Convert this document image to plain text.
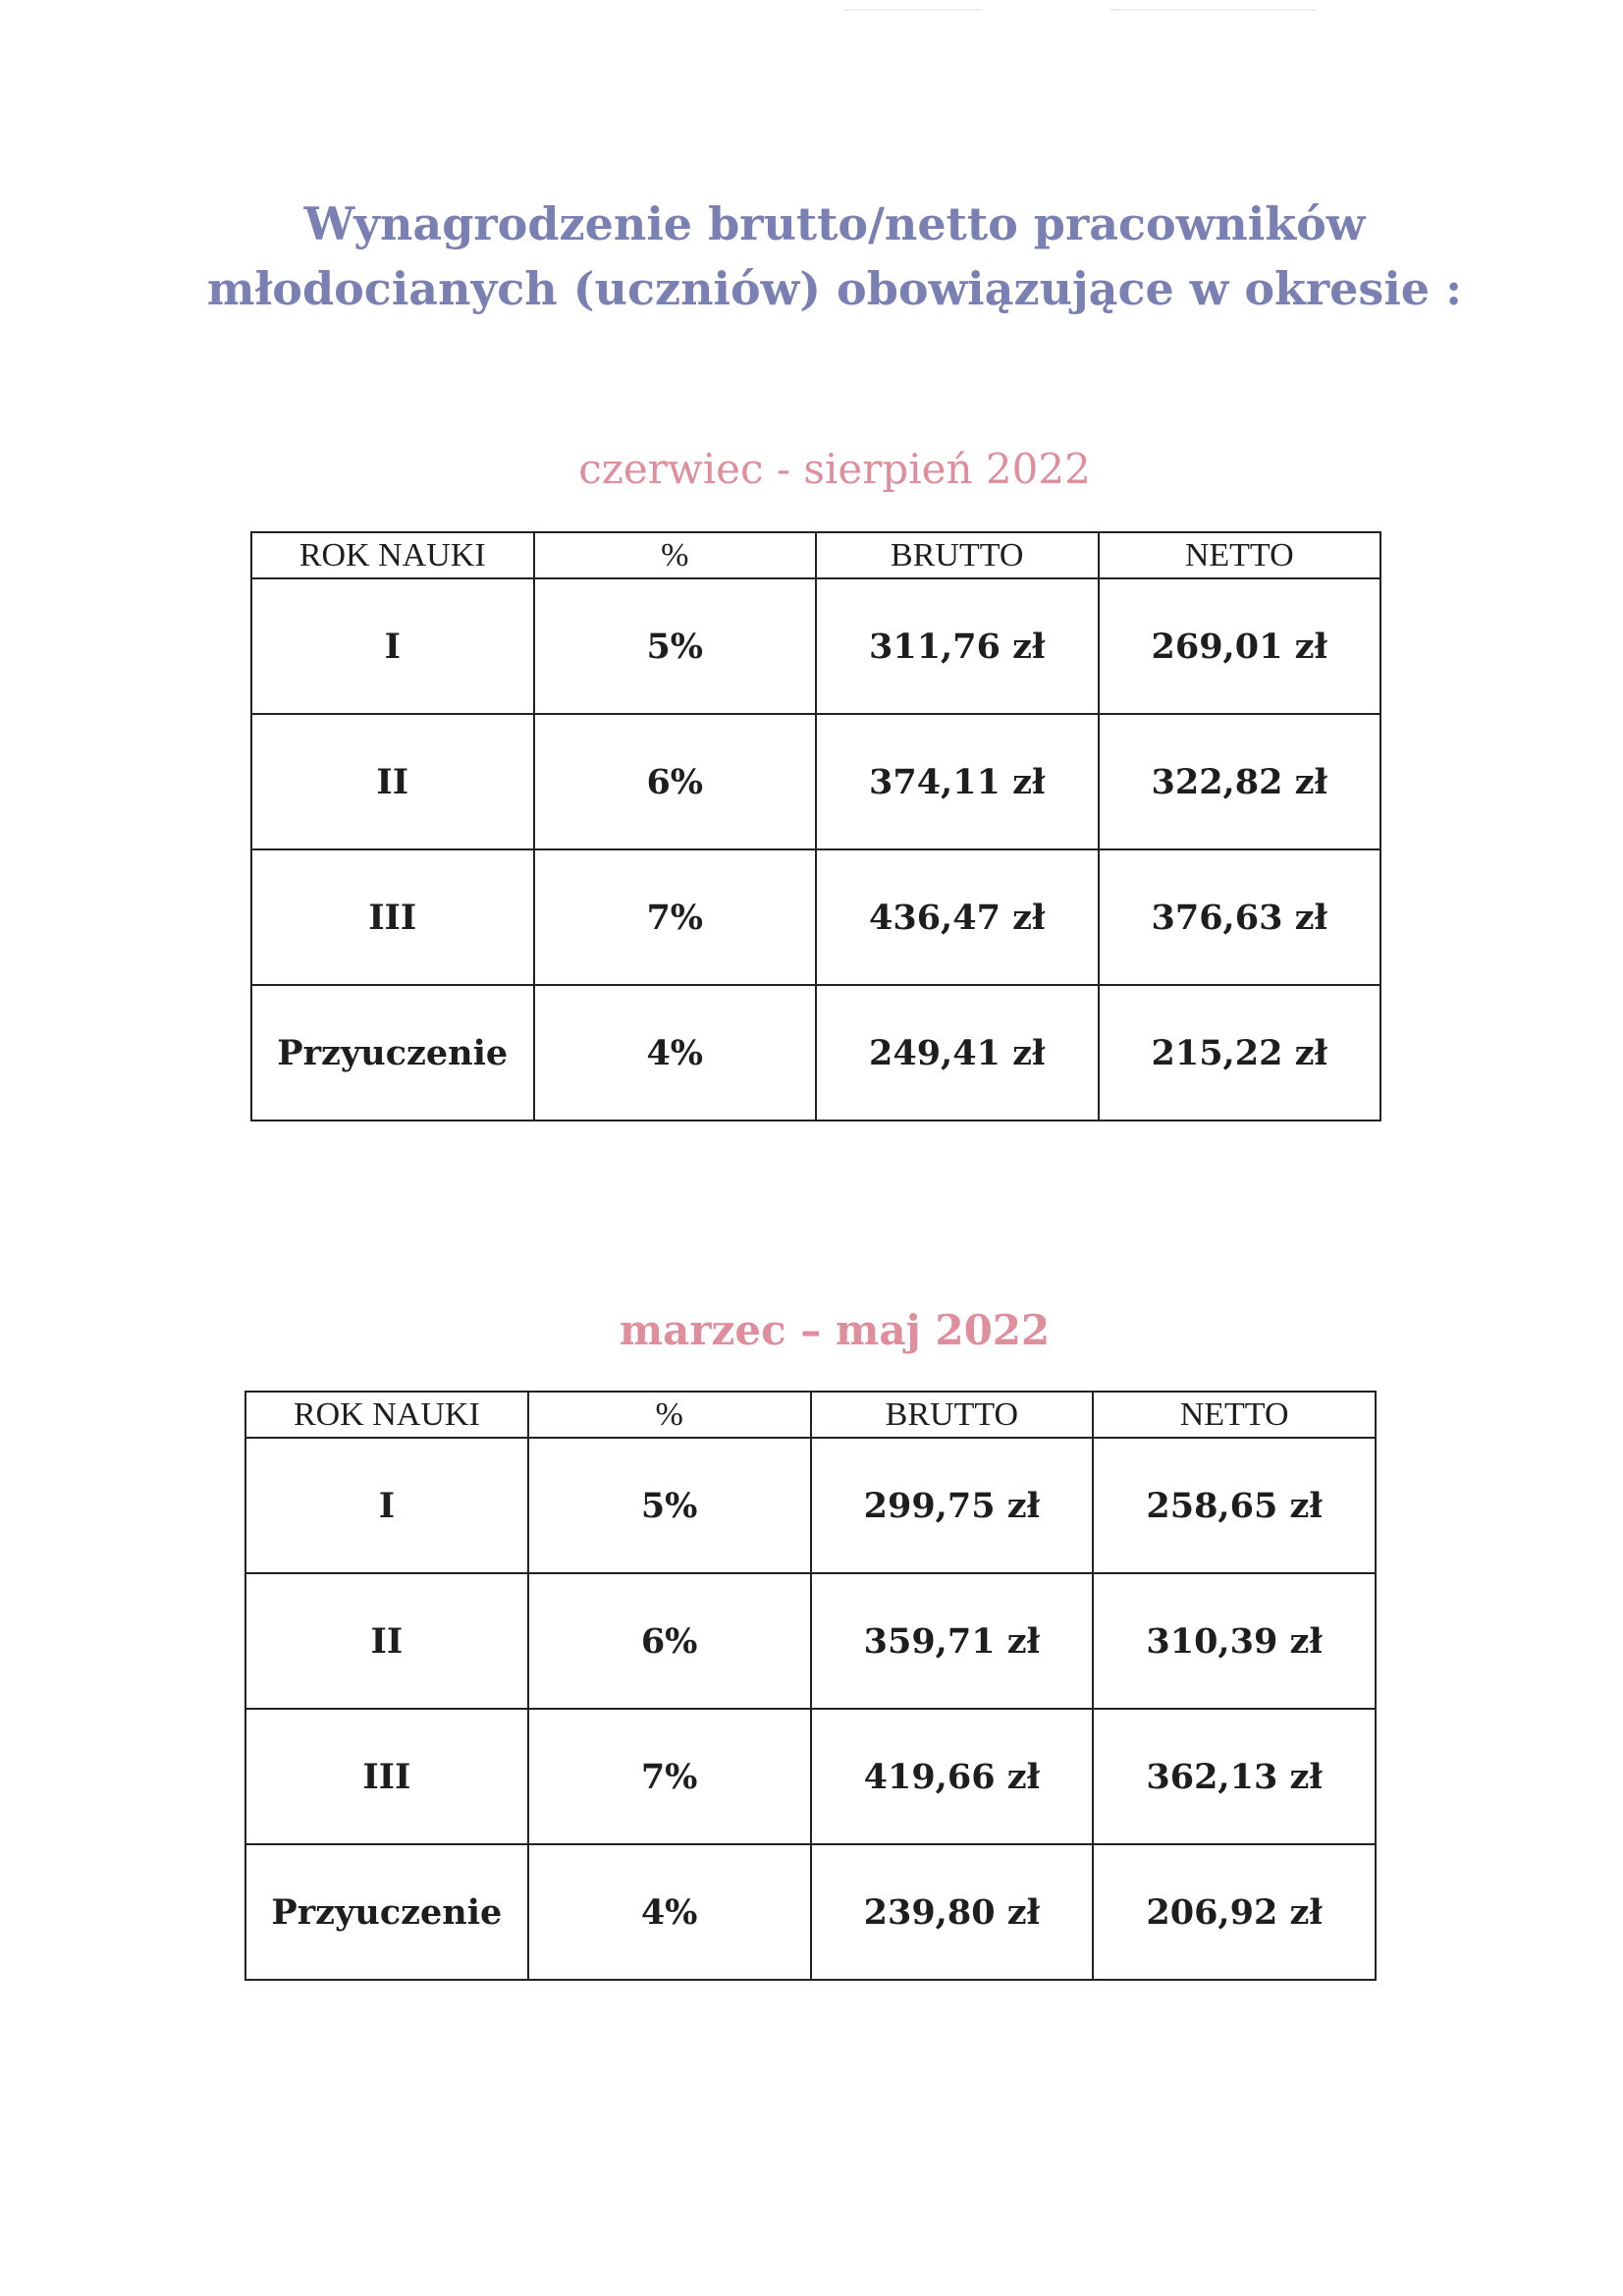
Wynagrodzenie brutto/netto pracowników
młodocianych (uczniów) obowiązujące w okresie :
czerwiec - sierpień 2022
ROK NAUKI	%	BRUTTO	NETTO
I	5%	311,76 zł	269,01 zł
II	6%	374,11 zł	322,82 zł
III	7%	436,47 zł	376,63 zł
Przyuczenie	4%	249,41 zł	215,22 zł
marzec – maj 2022
ROK NAUKI	%	BRUTTO	NETTO
I	5%	299,75 zł	258,65 zł
II	6%	359,71 zł	310,39 zł
III	7%	419,66 zł	362,13 zł
Przyuczenie	4%	239,80 zł	206,92 zł
